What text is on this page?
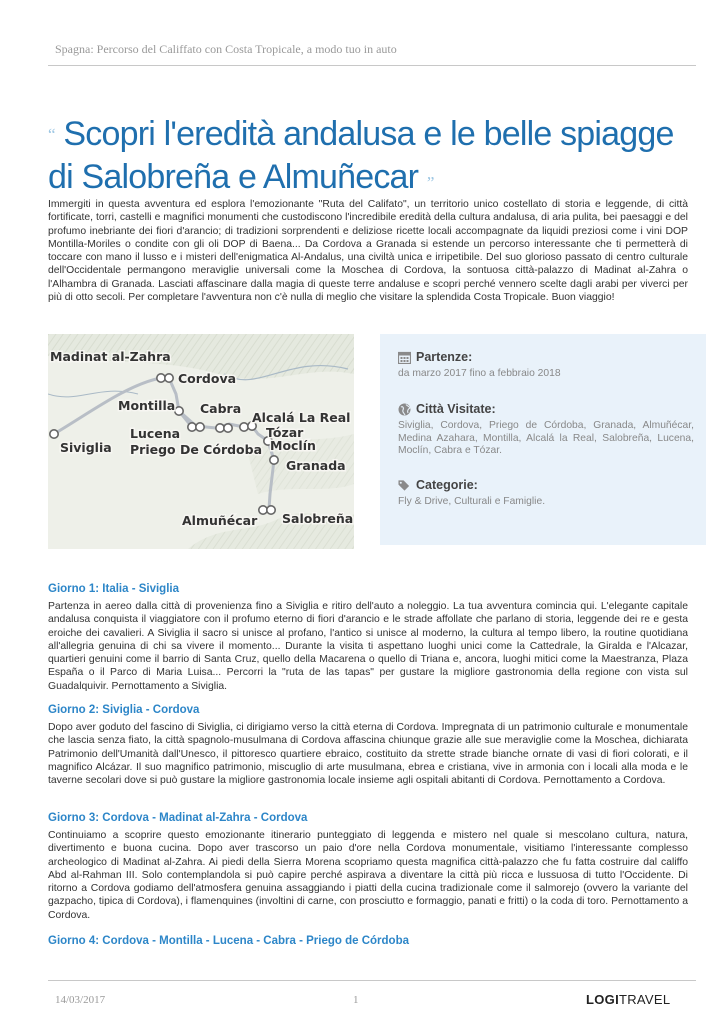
Spagna: Percorso del Califfato con Costa Tropicale, a modo tuo in auto
“ Scopri l'eredità andalusa e le belle spiagge
di Salobreña e Almuñecar ”

Immergiti in questa avventura ed esplora l'emozionante "Ruta del Califato", un territorio unico costellato di storia e leggende, di città fortificate, torri, castelli e magnifici monumenti che custodiscono l'incredibile eredità della cultura andalusa, di aria pulita, bei paesaggi e del profumo inebriante dei fiori d'arancio; di tradizioni sorprendenti e deliziose ricette locali accompagnate da liquidi preziosi come i vini DOP Montilla-Moriles o condite con gli oli DOP di Baena... Da Cordova a Granada si estende un percorso interessante che ti permetterà di toccare con mano il lusso e i misteri dell'enigmatica Al-Andalus, una civiltà unica e irripetibile. Del suo glorioso passato di centro culturale dell'Occidentale permangono meraviglie universali come la Moschea di Cordova, la sontuosa città-palazzo di Madinat al-Zahra o l'Alhambra di Granada. Lasciati affascinare dalla magia di queste terre andaluse e scopri perché vennero scelte dagli arabi per viverci per più di otto secoli. Per completare l'avventura non c'è nulla di meglio che visitare la splendida Costa Tropicale. Buon viaggio!

Madinat al-Zahra
Cordova
Montilla Cabra
Alcalá La Real
Lucena	Tózar
Siviglia Priego De Córdoba Moclín
Granada
Almuñécar Salobreña
Partenze:
da marzo 2017 fino a febbraio 2018
Città Visitate:
Siviglia, Cordova, Priego de Córdoba, Granada, Almuñécar, Medina Azahara, Montilla, Alcalá la Real, Salobreña, Lucena, Moclín, Cabra e Tózar.
Categorie:
Fly & Drive, Culturali e Famiglie.
Giorno 1: Italia - Siviglia

Partenza in aereo dalla città di provenienza fino a Siviglia e ritiro dell'auto a noleggio. La tua avventura comincia qui. L'elegante capitale andalusa conquista il viaggiatore con il profumo eterno di fiori d'arancio e le strade affollate che parlano di storia, leggende dei re e gesta eroiche dei cavalieri. A Siviglia il sacro si unisce al profano, l'antico si unisce al moderno, la cultura al tempo libero, la routine quotidiana all'allegria genuina di chi sa vivere il momento... Durante la visita ti aspettano luoghi unici come la Cattedrale, la Giralda e l'Alcazar, quartieri genuini come il barrio di Santa Cruz, quello della Macarena o quello di Triana e, ancora, luoghi mitici come la Maestranza, Plaza España o il Parco di Maria Luisa... Percorri la "ruta de las tapas" per gustare la migliore gastronomia della regione con vista sul Guadalquivir. Pernottamento a Siviglia.

Giorno 2: Siviglia - Cordova

Dopo aver goduto del fascino di Siviglia, ci dirigiamo verso la città eterna di Cordova. Impregnata di un patrimonio culturale e monumentale che lascia senza fiato, la città spagnolo-musulmana di Cordova affascina chiunque grazie alle sue meraviglie come la Moschea, dichiarata Patrimonio dell'Umanità dall'Unesco, il pittoresco quartiere ebraico, costituito da strette strade bianche ornate di vasi di fiori colorati, e il magnifico Alcázar. Il suo magnifico patrimonio, miscuglio di arte musulmana, ebrea e cristiana, vive in armonia con i locali alla moda e le taverne secolari dove si può gustare la migliore gastronomia locale insieme agli ospitali abitanti di Cordova. Pernottamento a Cordova.

Giorno 3: Cordova - Madinat al-Zahra - Cordova

Continuiamo a scoprire questo emozionante itinerario punteggiato di leggenda e mistero nel quale si mescolano cultura, natura, divertimento e buona cucina. Dopo aver trascorso un paio d'ore nella Cordova monumentale, visitiamo l'interessante complesso archeologico di Madinat al-Zahra. Ai piedi della Sierra Morena scopriamo questa magnifica città-palazzo che fu fatta costruire dal califfo Abd al-Rahman III. Solo contemplandola si può capire perché aspirava a diventare la città più ricca e lussuosa di tutto l'Occidente. Di ritorno a Cordova godiamo dell'atmosfera genuina assaggiando i piatti della cucina tradizionale come il salmorejo (ovvero la variante del gazpacho, tipica di Cordova), i flamenquines (involtini di carne, con prosciutto e formaggio, panati e fritti) o la coda di toro. Pernottamento a Cordova.

Giorno 4: Cordova - Montilla - Lucena - Cabra - Priego de Córdoba
14/03/2017	1	LOGITRAVEL
